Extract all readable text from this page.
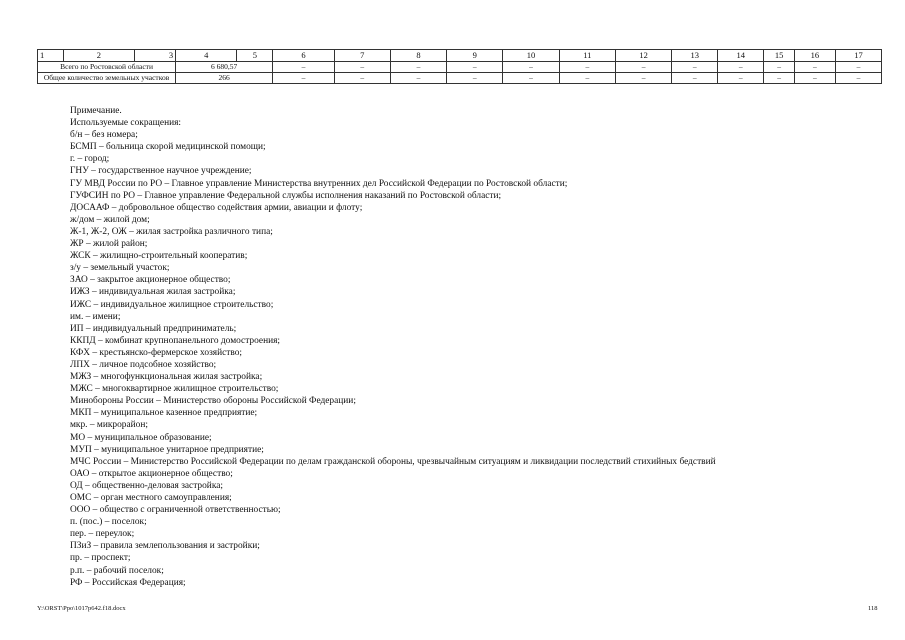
1	2	3	4	5	6	7	8	9	10	11	12	13	14	15	16	17
Всего по Ростовской области			6 680,57		–	–	–	–	–	–	–	–	–	–	–	–
Общее количество земельных участков			266		–	–	–	–	–	–	–	–	–	–	–	–
Примечание.
Используемые сокращения:
б/н – без номера;
БСМП – больница скорой медицинской помощи;
г. – город;
ГНУ – государственное научное учреждение;
ГУ МВД России по РО – Главное управление Министерства внутренних дел Российской Федерации по Ростовской области;
ГУФСИН по РО – Главное управление Федеральной службы исполнения наказаний по Ростовской области;
ДОСААФ – добровольное общество содействия армии, авиации и флоту;
ж/дом – жилой дом;
Ж-1, Ж-2, ОЖ – жилая застройка различного типа;
ЖР – жилой район;
ЖСК – жилищно-строительный кооператив;
з/у – земельный участок;
ЗАО – закрытое акционерное общество;
ИЖЗ – индивидуальная жилая застройка;
ИЖС – индивидуальное жилищное строительство;
им. – имени;
ИП – индивидуальный предприниматель;
ККПД – комбинат крупнопанельного домостроения;
КФХ – крестьянско-фермерское хозяйство;
ЛПХ – личное подсобное хозяйство;
МЖЗ – многофункциональная жилая застройка;
МЖС – многоквартирное жилищное строительство;
Минобороны России – Министерство обороны Российской Федерации;
МКП – муниципальное казенное предприятие;
мкр. – микрорайон;
МО – муниципальное образование;
МУП – муниципальное унитарное предприятие;
МЧС России – Министерство Российской Федерации по делам гражданской обороны, чрезвычайным ситуациям и ликвидации последствий стихийных бедствий
ОАО – открытое акционерное общество;
ОД – общественно-деловая застройка;
ОМС – орган местного самоуправления;
ООО – общество с ограниченной ответственностью;
п. (пос.) – поселок;
пер. – переулок;
ПЗиЗ – правила землепользования и застройки;
пр. – проспект;
р.п. – рабочий поселок;
РФ – Российская Федерация;
Y:\ORST\Ppo\1017p642.f18.docx	118
